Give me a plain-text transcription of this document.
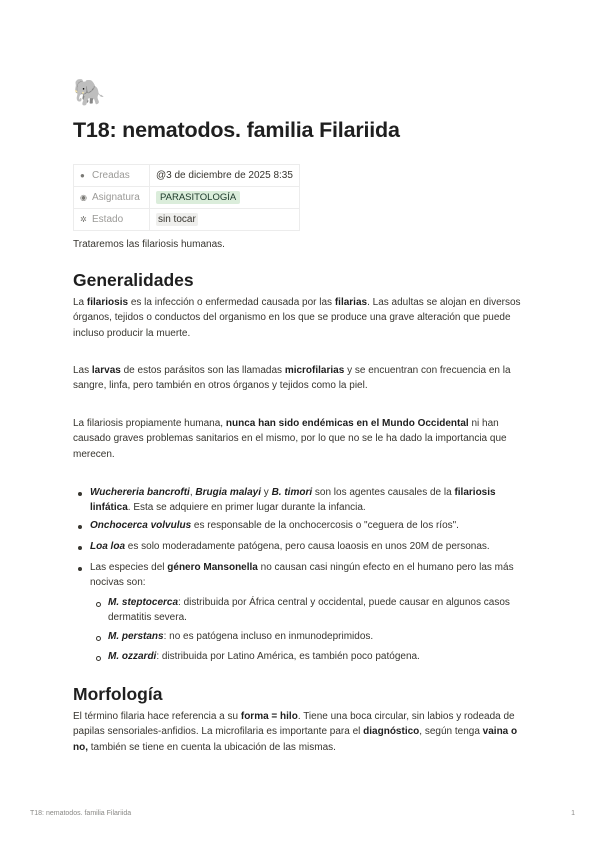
🐘
T18: nematodos. familia Filariida
● Creadas	@3 de diciembre de 2025 8:35
◉ Asignatura	PARASITOLOGÍA
✲ Estado	sin tocar

Trataremos las filariosis humanas.

Generalidades

La filariosis es la infección o enfermedad causada por las filarias. Las adultas se alojan en diversos órganos, tejidos o conductos del organismo en los que se produce una grave alteración que puede incluso producir la muerte.

Las larvas de estos parásitos son las llamadas microfilarias y se encuentran con frecuencia en la sangre, linfa, pero también en otros órganos y tejidos como la piel.

La filariosis propiamente humana, nunca han sido endémicas en el Mundo Occidental ni han causado graves problemas sanitarios en el mismo, por lo que no se le ha dado la importancia que merecen.

Wuchereria bancrofti, Brugia malayi y B. timori son los agentes causales de la filariosis linfática. Esta se adquiere en primer lugar durante la infancia.
Onchocerca volvulus es responsable de la onchocercosis o "ceguera de los ríos".
Loa loa es solo moderadamente patógena, pero causa loaosis en unos 20M de personas.
Las especies del género Mansonella no causan casi ningún efecto en el humano pero las más nocivas son:
M. steptocerca: distribuida por África central y occidental, puede causar en algunos casos dermatitis severa.
M. perstans: no es patógena incluso en inmunodeprimidos.
M. ozzardi: distribuida por Latino América, es también poco patógena.
Morfología

El término filaria hace referencia a su forma = hilo. Tiene una boca circular, sin labios y rodeada de papilas sensoriales-anfidios. La microfilaria es importante para el diagnóstico, según tenga vaina o no, también se tiene en cuenta la ubicación de las mismas.

T18: nematodos. familia Filariida	1
